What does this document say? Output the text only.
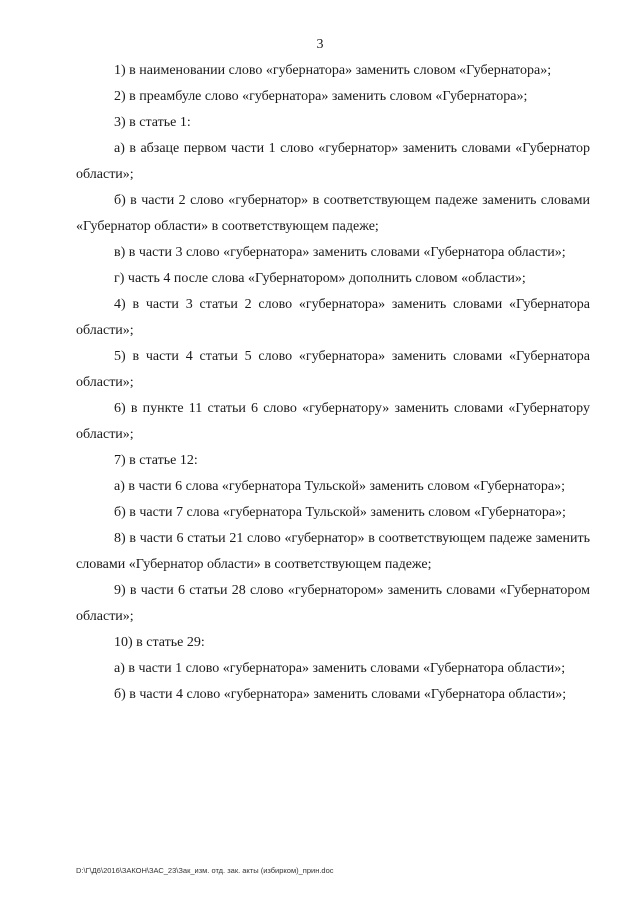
3

1) в наименовании слово «губернатора» заменить словом «Губернатора»;

2) в преамбуле слово «губернатора» заменить словом «Губернатора»;

3) в статье 1:

а) в абзаце первом части 1 слово «губернатор» заменить словами «Губернатор области»;

б) в части 2 слово «губернатор» в соответствующем падеже заменить словами «Губернатор области» в соответствующем падеже;

в) в части 3 слово «губернатора» заменить словами «Губернатора области»;

г) часть 4 после слова «Губернатором» дополнить словом «области»;

4) в части 3 статьи 2 слово «губернатора» заменить словами «Губернатора области»;

5) в части 4 статьи 5 слово «губернатора» заменить словами «Губернатора области»;

6) в пункте 11 статьи 6 слово «губернатору» заменить словами «Губернатору области»;

7) в статье 12:

а) в части 6 слова «губернатора Тульской» заменить словом «Губернатора»;

б) в части 7 слова «губернатора Тульской» заменить словом «Губернатора»;

8) в части 6 статьи 21 слово «губернатор» в соответствующем падеже заменить словами «Губернатор области» в соответствующем падеже;

9) в части 6 статьи 28 слово «губернатором» заменить словами «Губернатором области»;

10) в статье 29:

а) в части 1 слово «губернатора» заменить словами «Губернатора области»;

б) в части 4 слово «губернатора» заменить словами «Губернатора области»;

D:\Г\Д6\2016\ЗАКОН\ЗАС_23\Зак_изм. отд. зак. акты (избирком)_прин.doc
